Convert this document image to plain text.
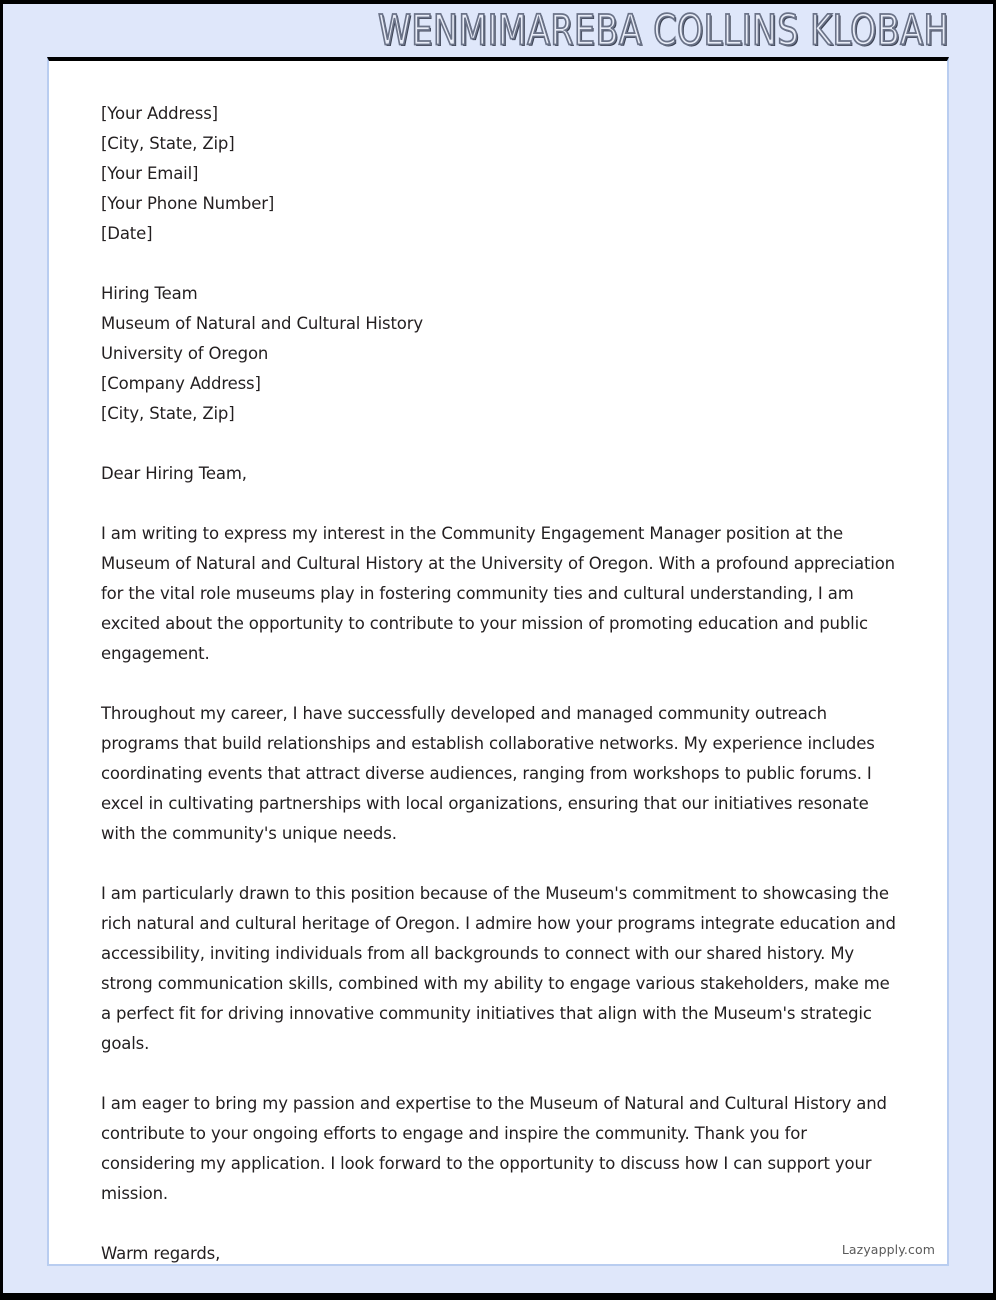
WENMIMAREBA COLLINS KLOBAH
[Your Address]
[City, State, Zip]
[Your Email]
[Your Phone Number]
[Date]
Hiring Team
Museum of Natural and Cultural History
University of Oregon
[Company Address]
[City, State, Zip]
Dear Hiring Team,
I am writing to express my interest in the Community Engagement Manager position at the Museum of Natural and Cultural History at the University of Oregon. With a profound appreciation for the vital role museums play in fostering community ties and cultural understanding, I am excited about the opportunity to contribute to your mission of promoting education and public engagement.
Throughout my career, I have successfully developed and managed community outreach programs that build relationships and establish collaborative networks. My experience includes coordinating events that attract diverse audiences, ranging from workshops to public forums. I excel in cultivating partnerships with local organizations, ensuring that our initiatives resonate with the community's unique needs.
I am particularly drawn to this position because of the Museum's commitment to showcasing the rich natural and cultural heritage of Oregon. I admire how your programs integrate education and accessibility, inviting individuals from all backgrounds to connect with our shared history. My strong communication skills, combined with my ability to engage various stakeholders, make me a perfect fit for driving innovative community initiatives that align with the Museum's strategic goals.
I am eager to bring my passion and expertise to the Museum of Natural and Cultural History and contribute to your ongoing efforts to engage and inspire the community. Thank you for considering my application. I look forward to the opportunity to discuss how I can support your mission.
Warm regards,	Lazyapply.com
